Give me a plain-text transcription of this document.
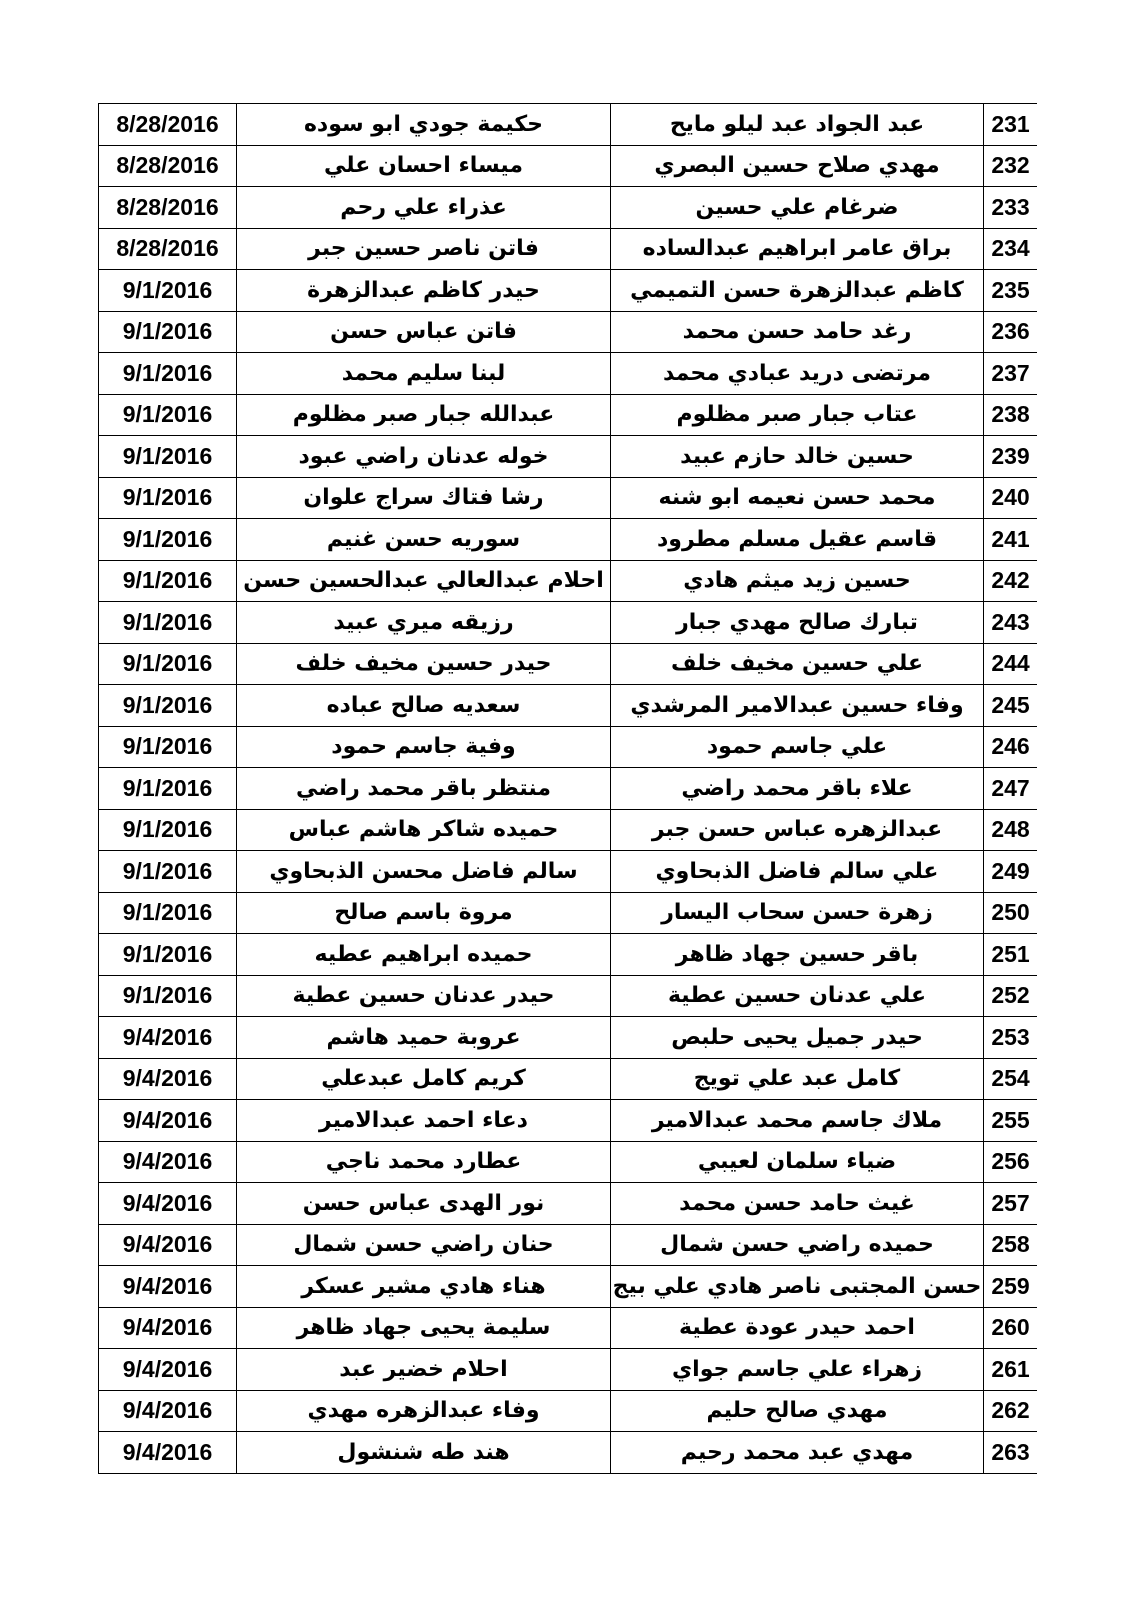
8/28/2016	حكيمة جودي ابو سوده	عبد الجواد عبد ليلو مايح	231
8/28/2016	ميساء احسان علي	مهدي صلاح حسين البصري	232
8/28/2016	عذراء علي رحم	ضرغام علي حسين	233
8/28/2016	فاتن ناصر حسين جبر	براق عامر ابراهيم عبدالساده	234
9/1/2016	حيدر كاظم عبدالزهرة	كاظم عبدالزهرة حسن التميمي	235
9/1/2016	فاتن عباس حسن	رغد حامد حسن محمد	236
9/1/2016	لبنا سليم محمد	مرتضى دريد عبادي محمد	237
9/1/2016	عبدالله جبار صبر مظلوم	عتاب جبار صبر مظلوم	238
9/1/2016	خوله عدنان راضي عبود	حسين خالد حازم عبيد	239
9/1/2016	رشا فتاك سراج علوان	محمد حسن نعيمه ابو شنه	240
9/1/2016	سوريه حسن غنيم	قاسم عقيل مسلم مطرود	241
9/1/2016	احلام عبدالعالي عبدالحسين حسن	حسين زيد ميثم هادي	242
9/1/2016	رزيقه ميري عبيد	تبارك صالح مهدي جبار	243
9/1/2016	حيدر حسين مخيف خلف	علي حسين مخيف خلف	244
9/1/2016	سعديه صالح عباده	وفاء حسين عبدالامير المرشدي	245
9/1/2016	وفية جاسم حمود	علي جاسم حمود	246
9/1/2016	منتظر باقر محمد راضي	علاء باقر محمد راضي	247
9/1/2016	حميده شاكر هاشم عباس	عبدالزهره عباس حسن جبر	248
9/1/2016	سالم فاضل محسن الذبحاوي	علي سالم فاضل الذبحاوي	249
9/1/2016	مروة باسم صالح	زهرة حسن سحاب اليسار	250
9/1/2016	حميده ابراهيم عطيه	باقر حسين جهاد ظاهر	251
9/1/2016	حيدر عدنان حسين عطية	علي عدنان حسين عطية	252
9/4/2016	عروبة حميد هاشم	حيدر جميل يحيى حلبص	253
9/4/2016	كريم كامل عبدعلي	كامل عبد علي تويج	254
9/4/2016	دعاء احمد عبدالامير	ملاك جاسم محمد عبدالامير	255
9/4/2016	عطارد محمد ناجي	ضياء سلمان لعيبي	256
9/4/2016	نور الهدى عباس حسن	غيث حامد حسن محمد	257
9/4/2016	حنان راضي حسن شمال	حميده راضي حسن شمال	258
9/4/2016	هناء هادي مشير عسكر	حسن المجتبى ناصر هادي علي بيج	259
9/4/2016	سليمة يحيى جهاد ظاهر	احمد حيدر عودة عطية	260
9/4/2016	احلام خضير عبد	زهراء علي جاسم جواي	261
9/4/2016	وفاء عبدالزهره مهدي	مهدي صالح حليم	262
9/4/2016	هند طه شنشول	مهدي عبد محمد رحيم	263
